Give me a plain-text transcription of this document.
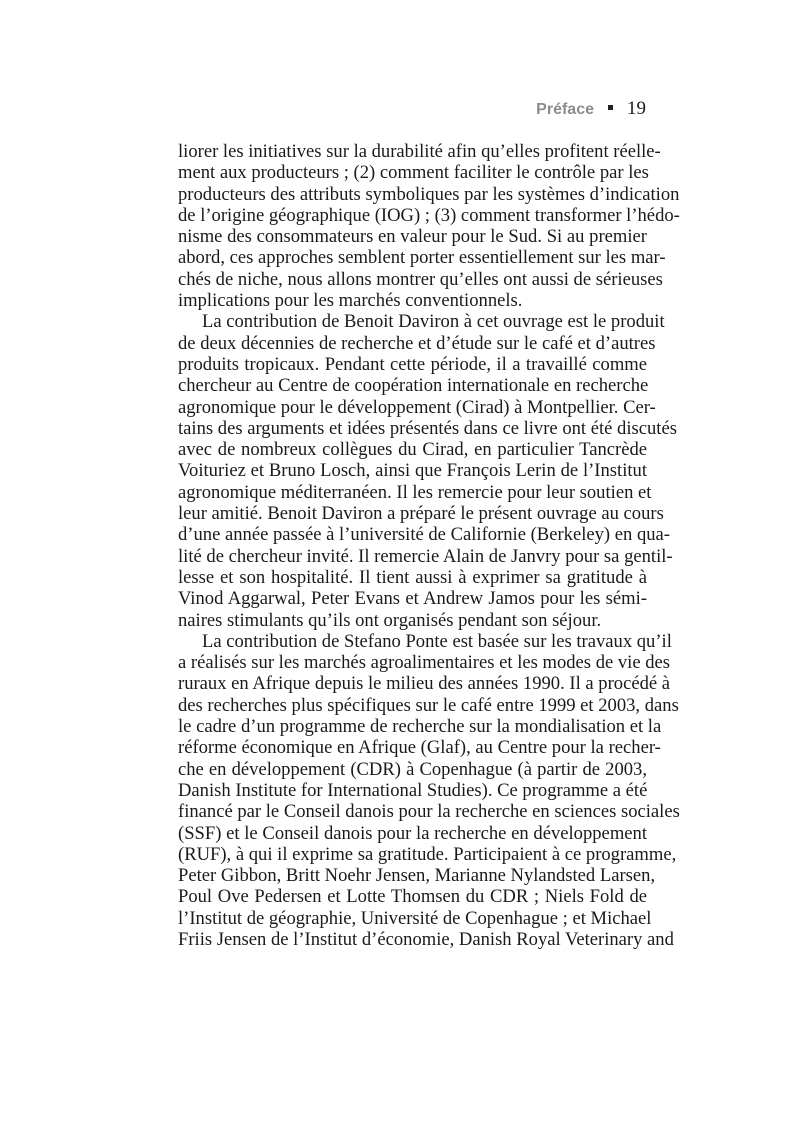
Préface 19
liorer les initiatives sur la durabilité afin qu’elles profitent réelle-
ment aux producteurs ; (2) comment faciliter le contrôle par les
producteurs des attributs symboliques par les systèmes d’indication
de l’origine géographique (IOG) ; (3) comment transformer l’hédo-
nisme des consommateurs en valeur pour le Sud. Si au premier
abord, ces approches semblent porter essentiellement sur les mar-
chés de niche, nous allons montrer qu’elles ont aussi de sérieuses
implications pour les marchés conventionnels.
La contribution de Benoit Daviron à cet ouvrage est le produit
de deux décennies de recherche et d’étude sur le café et d’autres
produits tropicaux. Pendant cette période, il a travaillé comme
chercheur au Centre de coopération internationale en recherche
agronomique pour le développement (Cirad) à Montpellier. Cer-
tains des arguments et idées présentés dans ce livre ont été discutés
avec de nombreux collègues du Cirad, en particulier Tancrède
Voituriez et Bruno Losch, ainsi que François Lerin de l’Institut
agronomique méditerranéen. Il les remercie pour leur soutien et
leur amitié. Benoit Daviron a préparé le présent ouvrage au cours
d’une année passée à l’université de Californie (Berkeley) en qua-
lité de chercheur invité. Il remercie Alain de Janvry pour sa gentil-
lesse et son hospitalité. Il tient aussi à exprimer sa gratitude à
Vinod Aggarwal, Peter Evans et Andrew Jamos pour les sémi-
naires stimulants qu’ils ont organisés pendant son séjour.
La contribution de Stefano Ponte est basée sur les travaux qu’il
a réalisés sur les marchés agroalimentaires et les modes de vie des
ruraux en Afrique depuis le milieu des années 1990. Il a procédé à
des recherches plus spécifiques sur le café entre 1999 et 2003, dans
le cadre d’un programme de recherche sur la mondialisation et la
réforme économique en Afrique (Glaf), au Centre pour la recher-
che en développement (CDR) à Copenhague (à partir de 2003,
Danish Institute for International Studies). Ce programme a été
financé par le Conseil danois pour la recherche en sciences sociales
(SSF) et le Conseil danois pour la recherche en développement
(RUF), à qui il exprime sa gratitude. Participaient à ce programme,
Peter Gibbon, Britt Noehr Jensen, Marianne Nylandsted Larsen,
Poul Ove Pedersen et Lotte Thomsen du CDR ; Niels Fold de
l’Institut de géographie, Université de Copenhague ; et Michael
Friis Jensen de l’Institut d’économie, Danish Royal Veterinary and
